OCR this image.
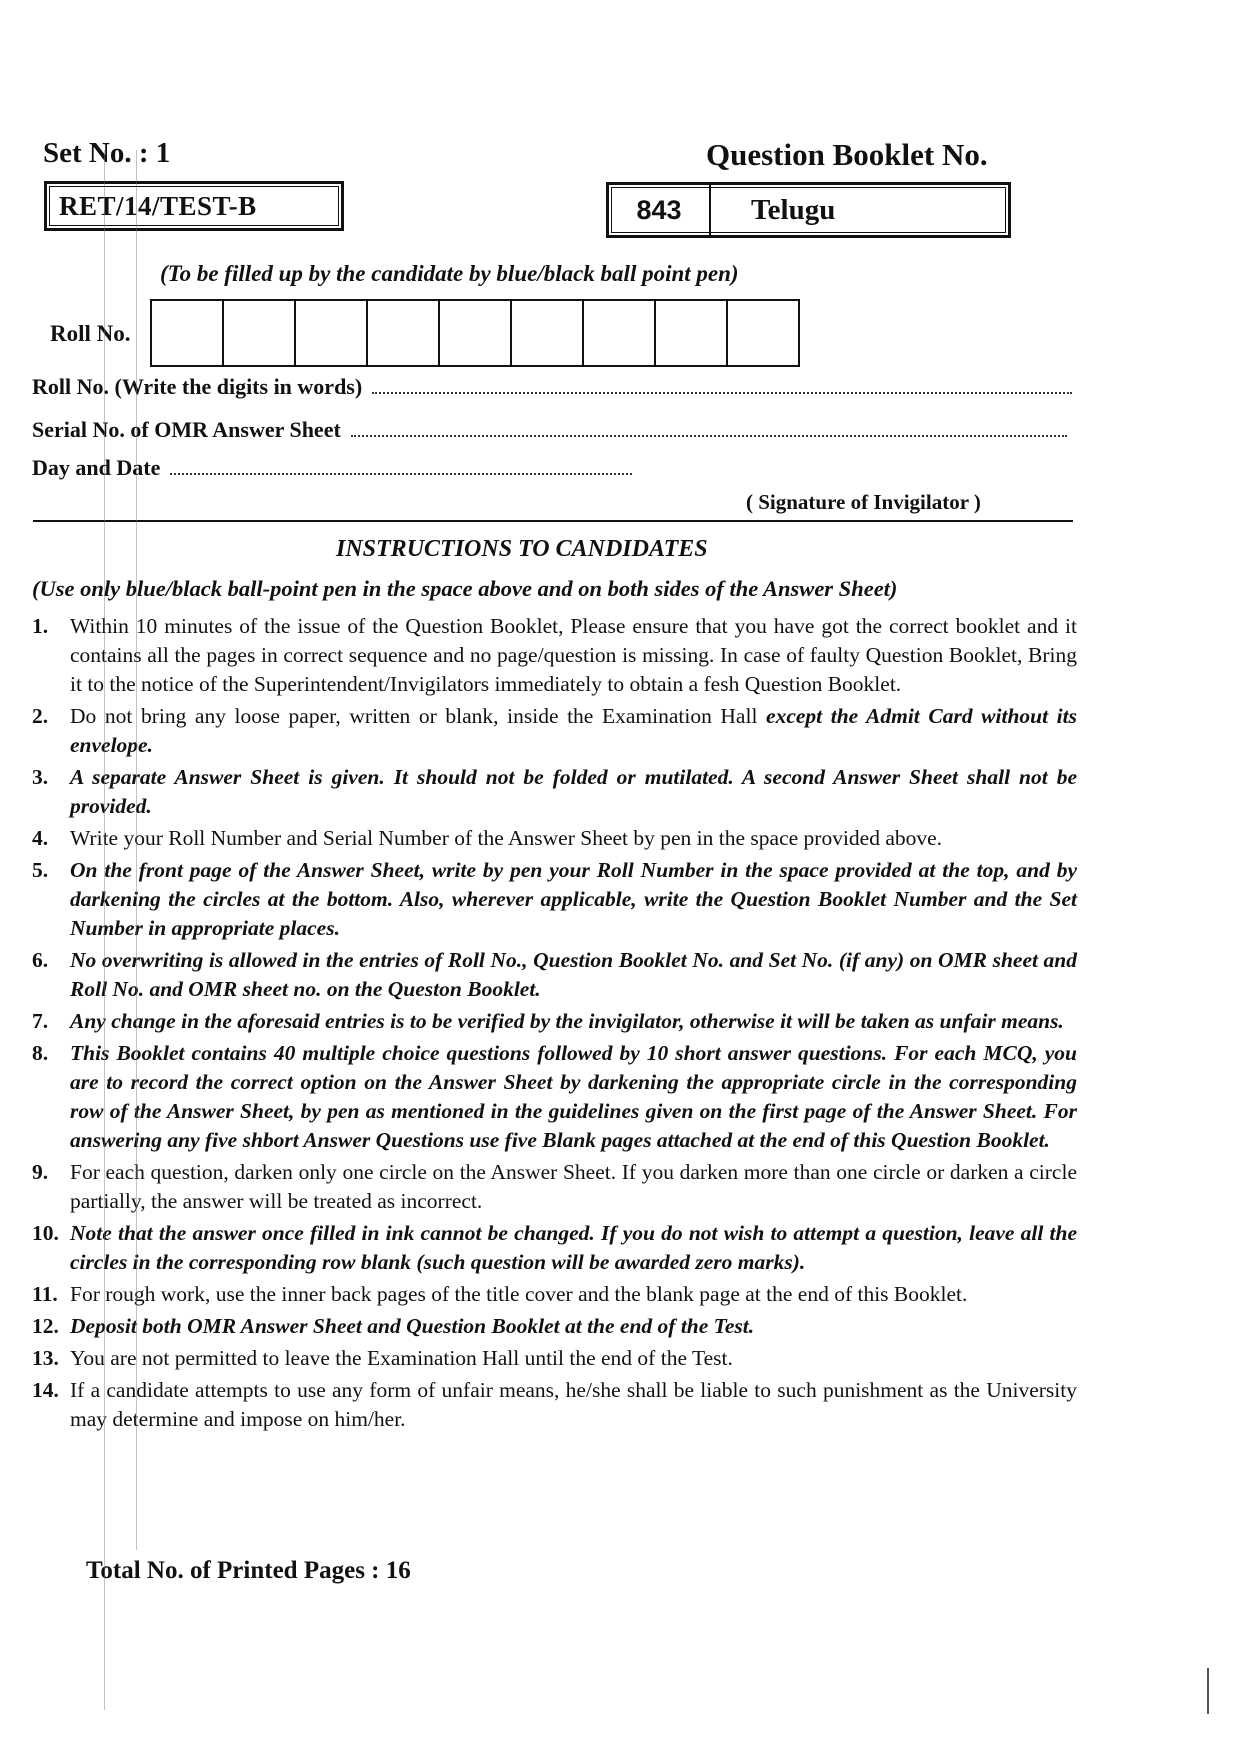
Set No. : 1	Question Booklet No.
RET/14/TEST-B	843	Telugu
(To be filled up by the candidate by blue/black ball point pen)
Roll No.
Roll No. (Write the digits in words)
Serial No. of OMR Answer Sheet
Day and Date
( Signature of Invigilator )
INSTRUCTIONS TO CANDIDATES
(Use only blue/black ball-point pen in the space above and on both sides of the Answer Sheet)
1.	Within 10 minutes of the issue of the Question Booklet, Please ensure that you have got the correct booklet and it contains all the pages in correct sequence and no page/question is missing. In case of faulty Question Booklet, Bring it to the notice of the Superintendent/Invigilators immediately to obtain a fesh Question Booklet.
2.	Do not bring any loose paper, written or blank, inside the Examination Hall except the Admit Card without its envelope.
3.	A separate Answer Sheet is given. It should not be folded or mutilated. A second Answer Sheet shall not be provided.
4.	Write your Roll Number and Serial Number of the Answer Sheet by pen in the space provided above.
5.	On the front page of the Answer Sheet, write by pen your Roll Number in the space provided at the top, and by darkening the circles at the bottom. Also, wherever applicable, write the Question Booklet Number and the Set Number in appropriate places.
6.	No overwriting is allowed in the entries of Roll No., Question Booklet No. and Set No. (if any) on OMR sheet and Roll No. and OMR sheet no. on the Queston Booklet.
7.	Any change in the aforesaid entries is to be verified by the invigilator, otherwise it will be taken as unfair means.
8.	This Booklet contains 40 multiple choice questions followed by 10 short answer questions. For each MCQ, you are to record the correct option on the Answer Sheet by darkening the appropriate circle in the corresponding row of the Answer Sheet, by pen as mentioned in the guidelines given on the first page of the Answer Sheet. For answering any five shbort Answer Questions use five Blank pages attached at the end of this Question Booklet.
9.	For each question, darken only one circle on the Answer Sheet. If you darken more than one circle or darken a circle partially, the answer will be treated as incorrect.
10. Note that the answer once filled in ink cannot be changed. If you do not wish to attempt a question, leave all the circles in the corresponding row blank (such question will be awarded zero marks).
11. For rough work, use the inner back pages of the title cover and the blank page at the end of this Booklet.
12. Deposit both OMR Answer Sheet and Question Booklet at the end of the Test.
13. You are not permitted to leave the Examination Hall until the end of the Test.
14. If a candidate attempts to use any form of unfair means, he/she shall be liable to such punishment as the University may determine and impose on him/her.
Total No. of Printed Pages : 16
